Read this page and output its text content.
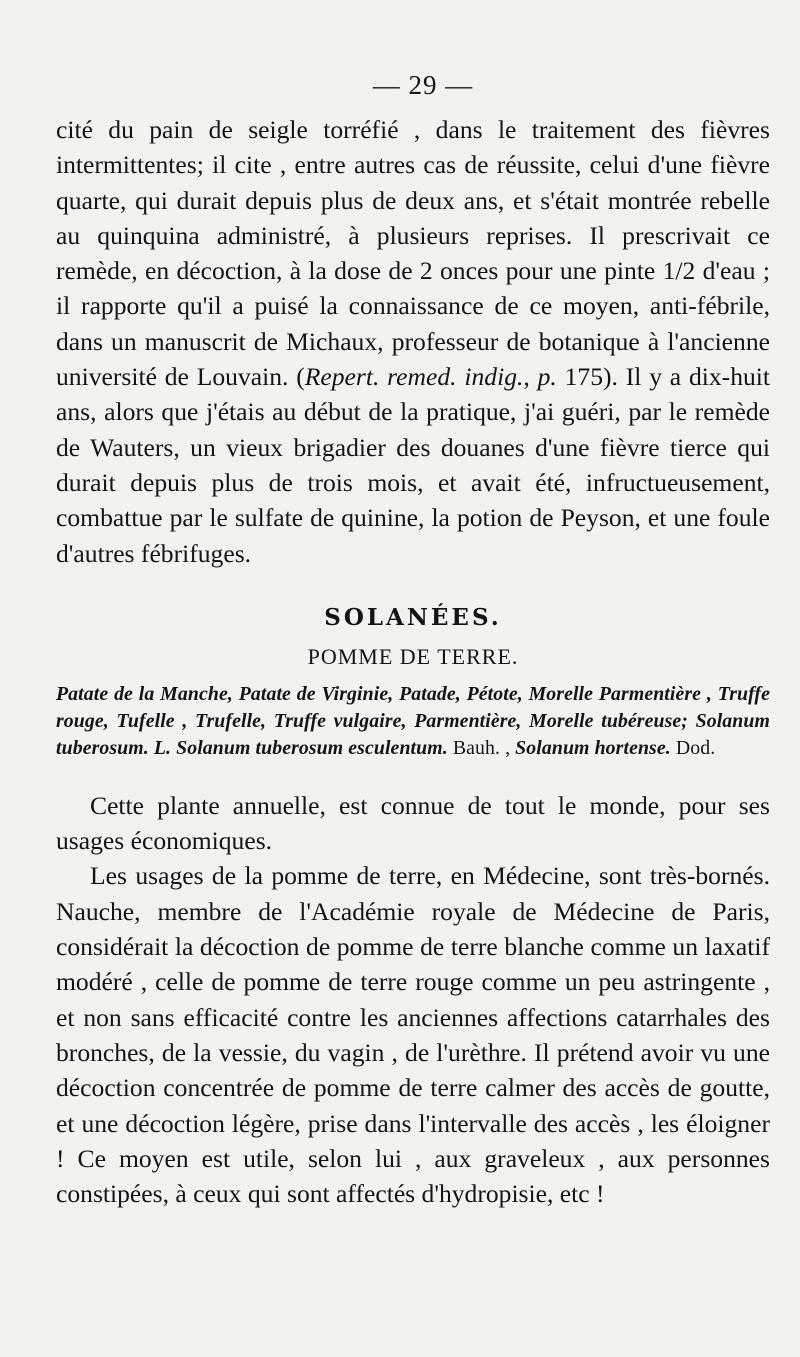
— 29 —

cité du pain de seigle torréfié , dans le traitement des fièvres intermittentes; il cite , entre autres cas de réussite, celui d'une fièvre quarte, qui durait depuis plus de deux ans, et s'était montrée rebelle au quinquina administré, à plusieurs reprises. Il prescrivait ce remède, en décoction, à la dose de 2 onces pour une pinte 1/2 d'eau ; il rapporte qu'il a puisé la connaissance de ce moyen, anti-fébrile, dans un manuscrit de Michaux, professeur de botanique à l'ancienne université de Louvain. (Repert. remed. indig., p. 175). Il y a dix-huit ans, alors que j'étais au début de la pratique, j'ai guéri, par le remède de Wauters, un vieux brigadier des douanes d'une fièvre tierce qui durait depuis plus de trois mois, et avait été, infructueusement, combattue par le sulfate de quinine, la potion de Peyson, et une foule d'autres fébrifuges.

SOLANÉES.
POMME DE TERRE.

Patate de la Manche, Patate de Virginie, Patade, Pétote, Morelle Parmentière , Truffe rouge, Tufelle , Trufelle, Truffe vulgaire, Parmentière, Morelle tubéreuse; Solanum tuberosum. L. Solanum tuberosum esculentum. Bauh. , Solanum hortense. Dod.

Cette plante annuelle, est connue de tout le monde, pour ses usages économiques.

Les usages de la pomme de terre, en Médecine, sont très-bornés. Nauche, membre de l'Académie royale de Médecine de Paris, considérait la décoction de pomme de terre blanche comme un laxatif modéré , celle de pomme de terre rouge comme un peu astringente , et non sans efficacité contre les anciennes affections catarrhales des bronches, de la vessie, du vagin , de l'urèthre. Il prétend avoir vu une décoction concentrée de pomme de terre calmer des accès de goutte, et une décoction légère, prise dans l'intervalle des accès , les éloigner ! Ce moyen est utile, selon lui , aux graveleux , aux personnes constipées, à ceux qui sont affectés d'hydropisie, etc !
